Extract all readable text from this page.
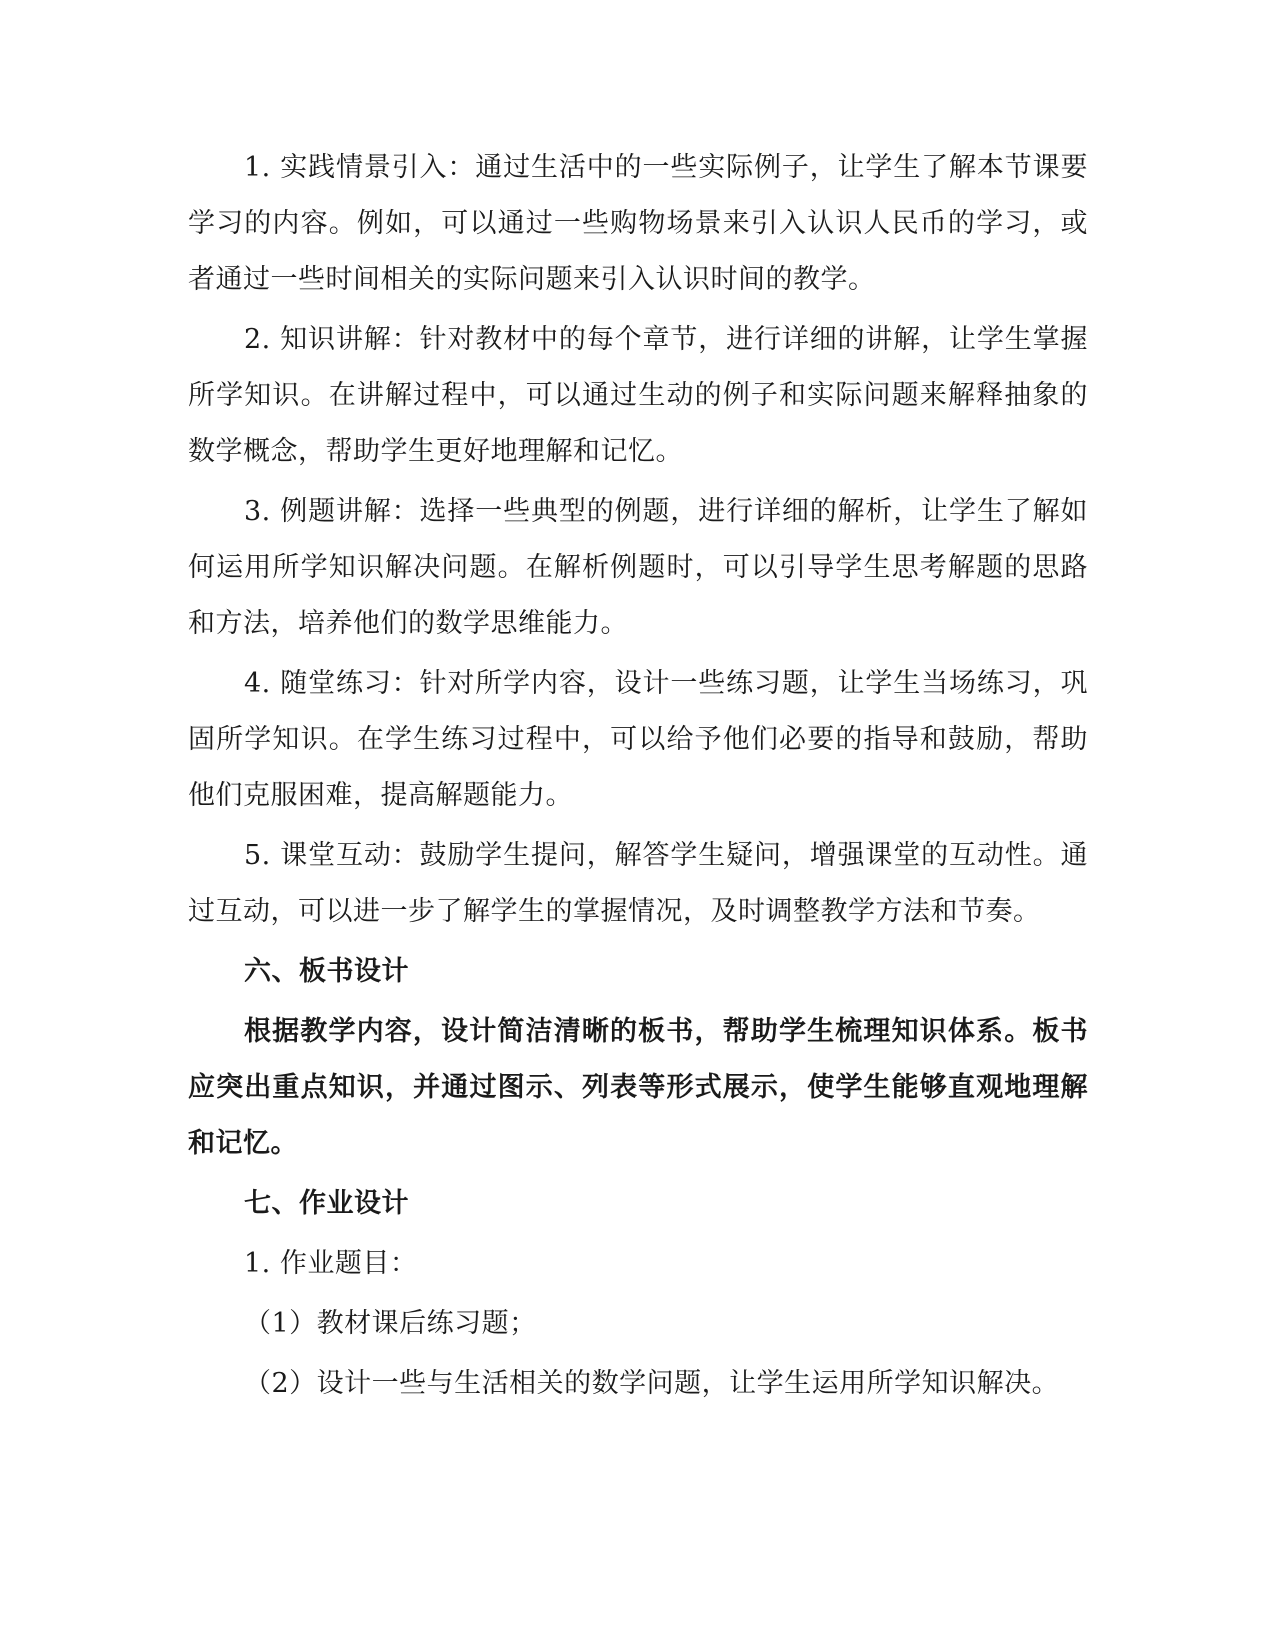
1. 实践情景引入：通过生活中的一些实际例子，让学生了解本节课要学习的内容。例如，可以通过一些购物场景来引入认识人民币的学习，或者通过一些时间相关的实际问题来引入认识时间的教学。

2. 知识讲解：针对教材中的每个章节，进行详细的讲解，让学生掌握所学知识。在讲解过程中，可以通过生动的例子和实际问题来解释抽象的数学概念，帮助学生更好地理解和记忆。

3. 例题讲解：选择一些典型的例题，进行详细的解析，让学生了解如何运用所学知识解决问题。在解析例题时，可以引导学生思考解题的思路和方法，培养他们的数学思维能力。

4. 随堂练习：针对所学内容，设计一些练习题，让学生当场练习，巩固所学知识。在学生练习过程中，可以给予他们必要的指导和鼓励，帮助他们克服困难，提高解题能力。

5. 课堂互动：鼓励学生提问，解答学生疑问，增强课堂的互动性。通过互动，可以进一步了解学生的掌握情况，及时调整教学方法和节奏。

六、板书设计

根据教学内容，设计简洁清晰的板书，帮助学生梳理知识体系。板书应突出重点知识，并通过图示、列表等形式展示，使学生能够直观地理解和记忆。

七、作业设计

1. 作业题目：

（1）教材课后练习题；

（2）设计一些与生活相关的数学问题，让学生运用所学知识解决。
